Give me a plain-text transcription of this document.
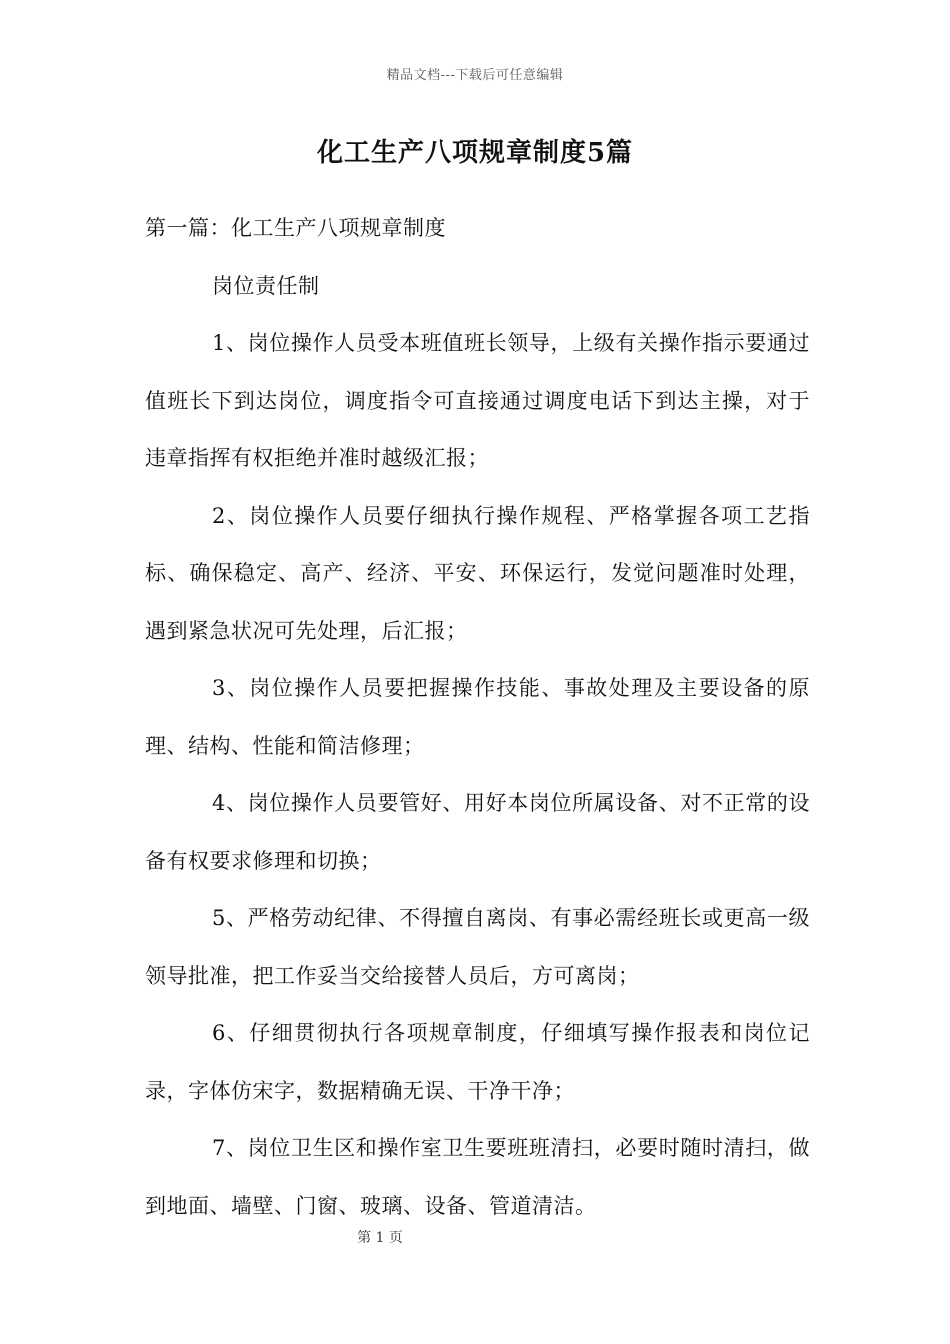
精品文档---下载后可任意编辑
化工生产八项规章制度5篇

第一篇：化工生产八项规章制度

岗位责任制

1、岗位操作人员受本班值班长领导，上级有关操作指示要通过值班长下到达岗位，调度指令可直接通过调度电话下到达主操，对于违章指挥有权拒绝并准时越级汇报；

2、岗位操作人员要仔细执行操作规程、严格掌握各项工艺指标、确保稳定、高产、经济、平安、环保运行，发觉问题准时处理，遇到紧急状况可先处理，后汇报；

3、岗位操作人员要把握操作技能、事故处理及主要设备的原理、结构、性能和简洁修理；

4、岗位操作人员要管好、用好本岗位所属设备、对不正常的设备有权要求修理和切换；

5、严格劳动纪律、不得擅自离岗、有事必需经班长或更高一级领导批准，把工作妥当交给接替人员后，方可离岗；

6、仔细贯彻执行各项规章制度，仔细填写操作报表和岗位记录，字体仿宋字，数据精确无误、干净干净；

7、岗位卫生区和操作室卫生要班班清扫，必要时随时清扫，做到地面、墙壁、门窗、玻璃、设备、管道清洁。

第 1 页
